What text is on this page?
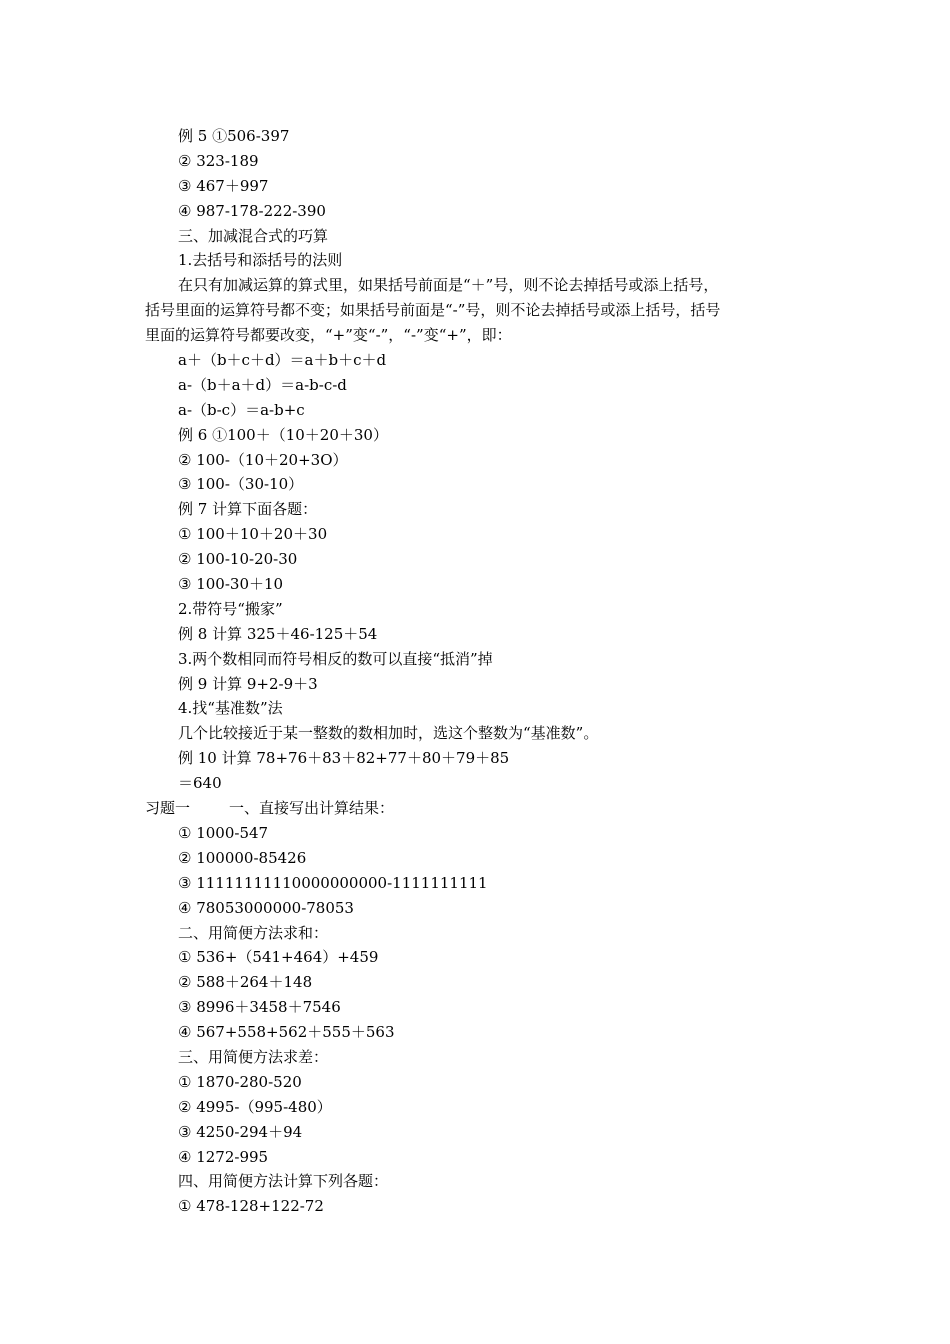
例 5 ①506-397
② 323-189
③ 467＋997
④ 987-178-222-390
三、加减混合式的巧算
1.去括号和添括号的法则
在只有加减运算的算式里，如果括号前面是“＋”号，则不论去掉括号或添上括号，
括号里面的运算符号都不变；如果括号前面是“-”号，则不论去掉括号或添上括号，括号
里面的运算符号都要改变，“+”变“-”，“-”变“+”，即：
a＋（b＋c＋d）＝a＋b＋c＋d
a-（b＋a＋d）＝a-b-c-d
a-（b-c）＝a-b+c
例 6 ①100＋（10＋20＋30）
② 100-（10＋20+3O）
③ 100-（30-10）
例 7 计算下面各题：
① 100＋10＋20＋30
② 100-10-20-30
③ 100-30＋10
2.带符号“搬家”
例 8 计算 325＋46-125＋54
3.两个数相同而符号相反的数可以直接“抵消”掉
例 9 计算 9+2-9＋3
4.找“基准数”法
几个比较接近于某一整数的数相加时，选这个整数为“基准数”。
例 10 计算 78+76＋83＋82+77＋80＋79＋85
＝640
习题一	一、直接写出计算结果：
① 1000-547
② 100000-85426
③ 11111111110000000000-1111111111
④ 78053000000-78053
二、用简便方法求和：
① 536+（541+464）+459
② 588＋264＋148
③ 8996＋3458＋7546
④ 567+558+562＋555＋563
三、用简便方法求差：
① 1870-280-520
② 4995-（995-480）
③ 4250-294＋94
④ 1272-995
四、用简便方法计算下列各题：
① 478-128+122-72
